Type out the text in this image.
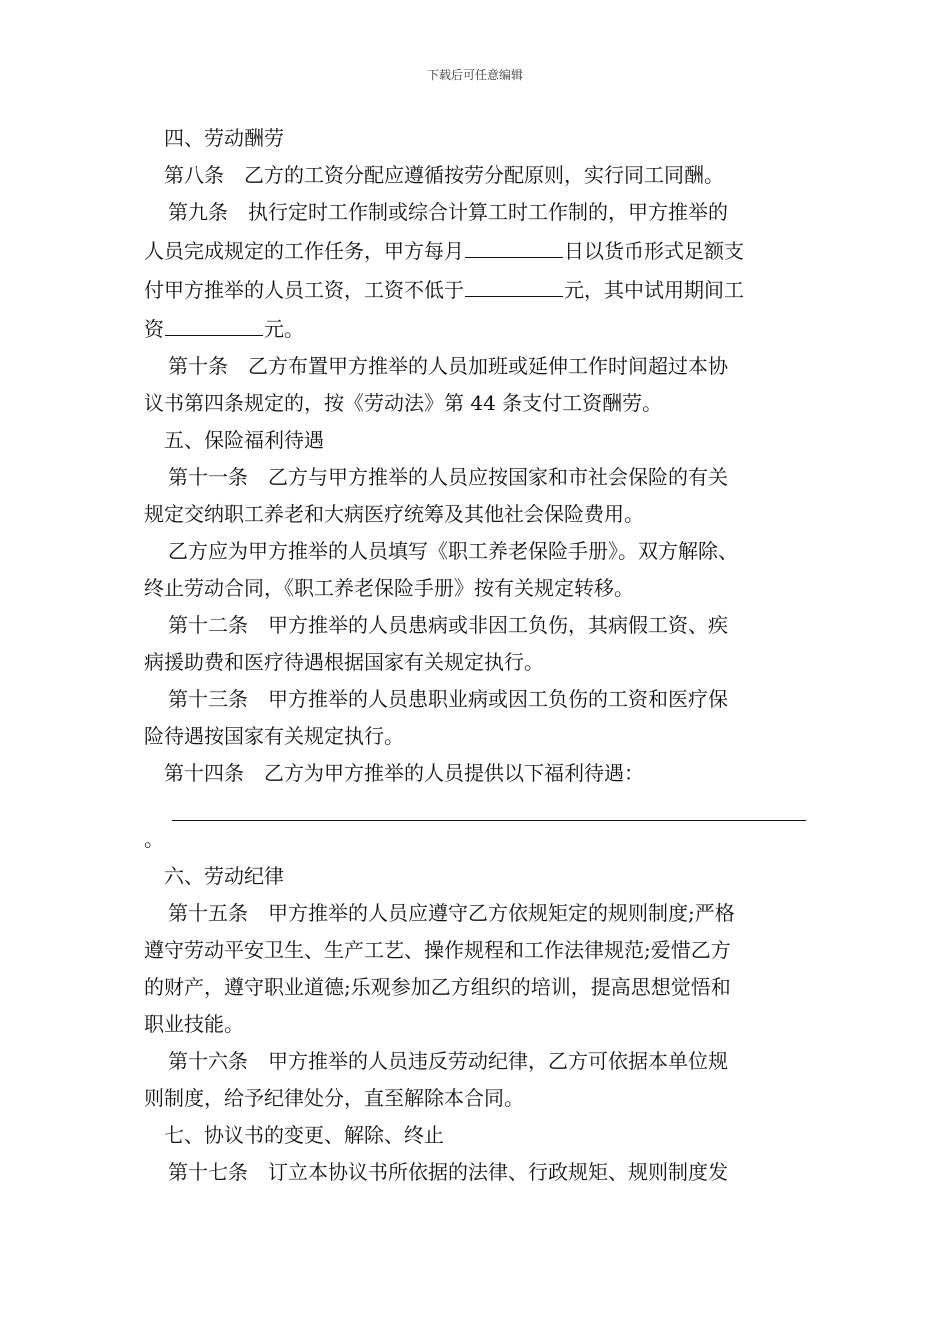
下载后可任意编辑

四、劳动酬劳

第八条　乙方的工资分配应遵循按劳分配原则，实行同工同酬。

第九条　执行定时工作制或综合计算工时工作制的，甲方推举的

人员完成规定的工作任务，甲方每月	日以货币形式足额支

付甲方推举的人员工资，工资不低于	元，其中试用期间工

资	元。

第十条　乙方布置甲方推举的人员加班或延伸工作时间超过本协

议书第四条规定的，按《劳动法》第 44 条支付工资酬劳。

五、保险福利待遇

第十一条　乙方与甲方推举的人员应按国家和市社会保险的有关

规定交纳职工养老和大病医疗统筹及其他社会保险费用。

乙方应为甲方推举的人员填写《职工养老保险手册》。双方解除、

终止劳动合同，《职工养老保险手册》按有关规定转移。

第十二条　甲方推举的人员患病或非因工负伤，其病假工资、疾

病援助费和医疗待遇根据国家有关规定执行。

第十三条　甲方推举的人员患职业病或因工负伤的工资和医疗保

险待遇按国家有关规定执行。

第十四条　乙方为甲方推举的人员提供以下福利待遇：

。

六、劳动纪律

第十五条　甲方推举的人员应遵守乙方依规矩定的规则制度;严格

遵守劳动平安卫生、生产工艺、操作规程和工作法律规范;爱惜乙方

的财产，遵守职业道德;乐观参加乙方组织的培训，提高思想觉悟和

职业技能。

第十六条　甲方推举的人员违反劳动纪律，乙方可依据本单位规

则制度，给予纪律处分，直至解除本合同。

七、协议书的变更、解除、终止

第十七条　订立本协议书所依据的法律、行政规矩、规则制度发
